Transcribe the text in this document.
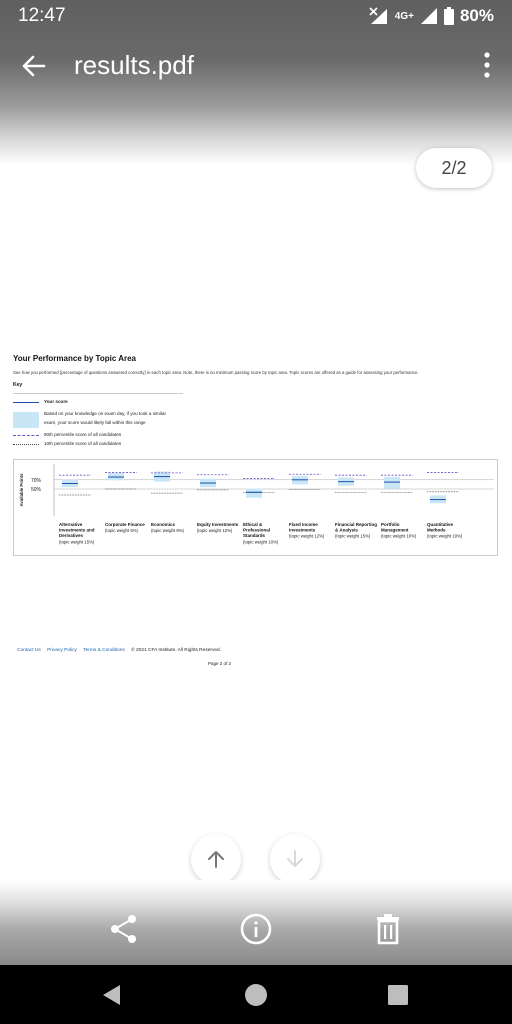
12:47	4G+	80%
results.pdf
2/2
Your Performance by Topic Area
See how you performed (percentage of questions answered correctly) in each topic area. Note, there is no minimum passing score by topic area. Topic scores are offered as a guide for assessing your performance.
Key
Your score
Based on your knowledge on exam day, if you took a similar
exam, your score would likely fall within this range
90th percentile score of all candidates
10th percentile score of all candidates
Available Points 70%
50%
Alternative
Investments and
Derivatives
(topic weight 15%)
Corporate Finance
(topic weight 6%)
Economics
(topic weight 8%)
Equity Investments
(topic weight 12%)
Ethical &
Professional
Standards
(topic weight 10%)
Fixed Income
Investments
(topic weight 12%)
Financial Reporting
& Analysis
(topic weight 15%)
Portfolio
Management
(topic weight 10%)
Quantitative
Methods
(topic weight 10%)
Contact Us Privacy Policy Terms & Conditions © 2021 CFA Institute. All Rights Reserved.
Page 2 of 2
